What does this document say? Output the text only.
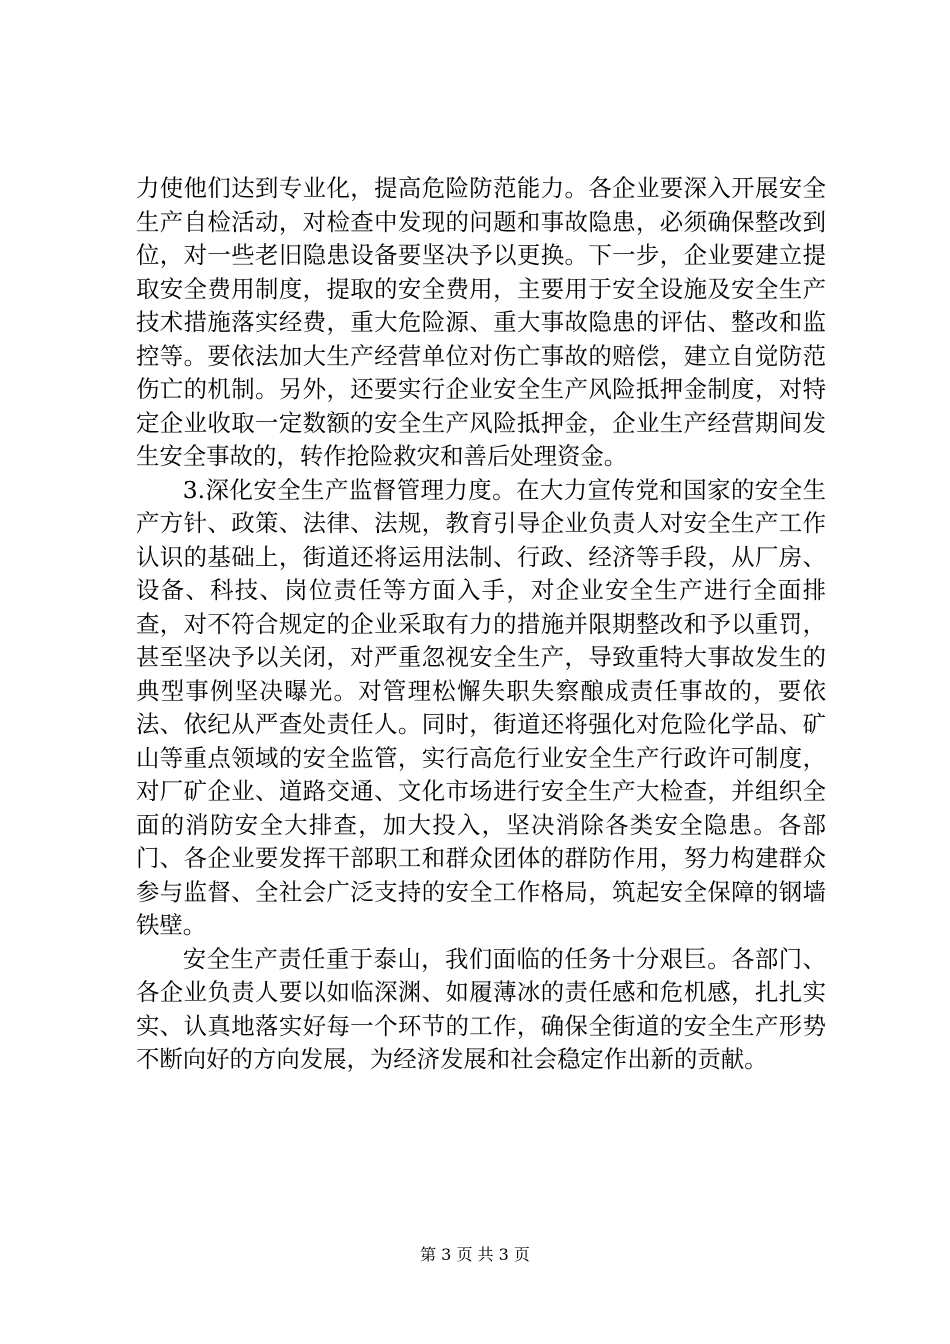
力使他们达到专业化，提高危险防范能力。各企业要深入开展安全生产自检活动，对检查中发现的问题和事故隐患，必须确保整改到位，对一些老旧隐患设备要坚决予以更换。下一步，企业要建立提取安全费用制度，提取的安全费用，主要用于安全设施及安全生产技术措施落实经费，重大危险源、重大事故隐患的评估、整改和监控等。要依法加大生产经营单位对伤亡事故的赔偿，建立自觉防范伤亡的机制。另外，还要实行企业安全生产风险抵押金制度，对特定企业收取一定数额的安全生产风险抵押金，企业生产经营期间发生安全事故的，转作抢险救灾和善后处理资金。

3.深化安全生产监督管理力度。在大力宣传党和国家的安全生产方针、政策、法律、法规，教育引导企业负责人对安全生产工作认识的基础上，街道还将运用法制、行政、经济等手段，从厂房、设备、科技、岗位责任等方面入手，对企业安全生产进行全面排查，对不符合规定的企业采取有力的措施并限期整改和予以重罚，甚至坚决予以关闭，对严重忽视安全生产，导致重特大事故发生的典型事例坚决曝光。对管理松懈失职失察酿成责任事故的，要依法、依纪从严查处责任人。同时，街道还将强化对危险化学品、矿山等重点领域的安全监管，实行高危行业安全生产行政许可制度，对厂矿企业、道路交通、文化市场进行安全生产大检查，并组织全面的消防安全大排查，加大投入，坚决消除各类安全隐患。各部门、各企业要发挥干部职工和群众团体的群防作用，努力构建群众参与监督、全社会广泛支持的安全工作格局，筑起安全保障的钢墙铁壁。

安全生产责任重于泰山，我们面临的任务十分艰巨。各部门、各企业负责人要以如临深渊、如履薄冰的责任感和危机感，扎扎实实、认真地落实好每一个环节的工作，确保全街道的安全生产形势不断向好的方向发展，为经济发展和社会稳定作出新的贡献。

第 3 页 共 3 页
